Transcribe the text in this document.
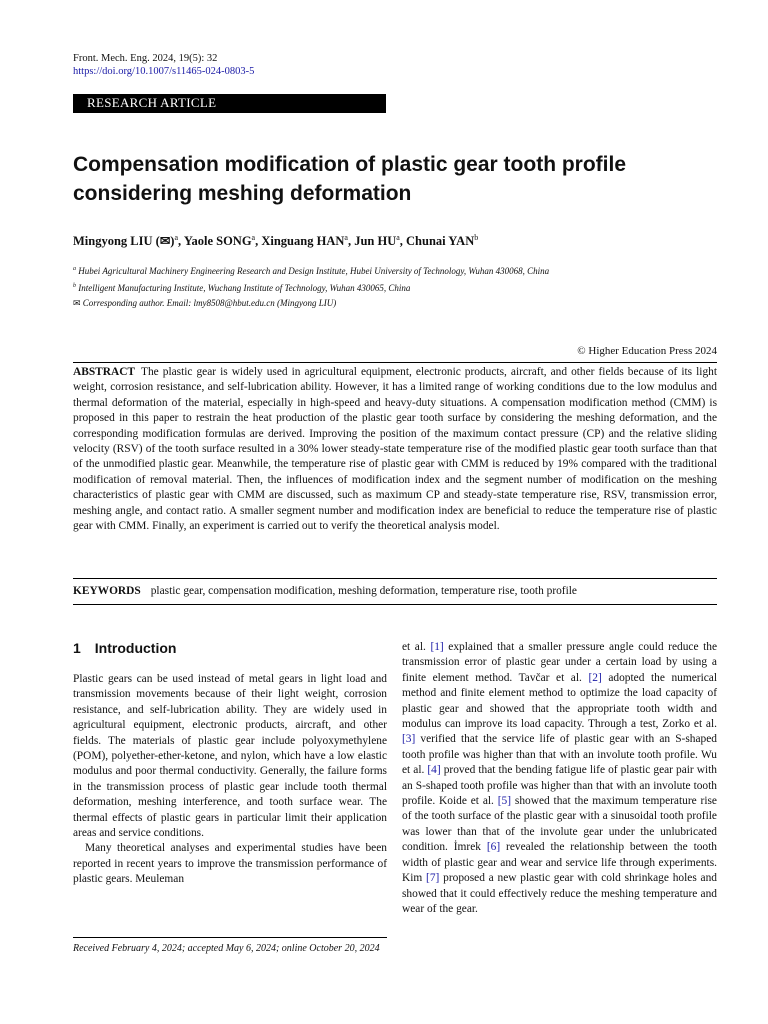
Front. Mech. Eng. 2024, 19(5): 32
https://doi.org/10.1007/s11465-024-0803-5
RESEARCH ARTICLE
Compensation modification of plastic gear tooth profile considering meshing deformation
Mingyong LIU (✉)$^a$, Yaole SONG$^a$, Xinguang HAN$^a$, Jun $HU^a$, Chunai YAN$^b$
$^a$ Hubei Agricultural Machinery Engineering Research and Design Institute, Hubei University of Technology, Wuhan 430068, China
$^b$ Intelligent Manufacturing Institute, Wuchang Institute of Technology, Wuhan 430065, China
✉ Corresponding author. Email: lmy8508@hbut.edu.cn (Mingyong LIU)
© Higher Education Press 2024
ABSTRACT The plastic gear is widely used in agricultural equipment, electronic products, aircraft, and other fields because of its light weight, corrosion resistance, and self-lubrication ability. However, it has a limited range of working conditions due to the low modulus and thermal deformation of the material, especially in high-speed and heavy-duty situations. A compensation modification method (CMM) is proposed in this paper to restrain the heat production of the plastic gear tooth surface by considering the meshing deformation, and the corresponding modification formulas are derived. Improving the position of the maximum contact pressure (CP) and the relative sliding velocity (RSV) of the tooth surface resulted in a 30% lower steady-state temperature rise of the modified plastic gear tooth surface than that of the unmodified plastic gear. Meanwhile, the temperature rise of plastic gear with CMM is reduced by 19% compared with the traditional modification of removal material. Then, the influences of modification index and the segment number of modification on the meshing characteristics of plastic gear with CMM are discussed, such as maximum CP and steady-state temperature rise, RSV, transmission error, meshing angle, and contact ratio. A smaller segment number and modification index are beneficial to reduce the temperature rise of plastic gear with CMM. Finally, an experiment is carried out to verify the theoretical analysis model.
KEYWORDS plastic gear, compensation modification, meshing deformation, temperature rise, tooth profile
1 Introduction

Plastic gears can be used instead of metal gears in light load and transmission movements because of their light weight, corrosion resistance, and self-lubrication ability. They are widely used in agricultural equipment, electronic products, aircraft, and other fields. The materials of plastic gear include polyoxymethylene (POM), polyether-ether-ketone, and nylon, which have a low elastic modulus and poor thermal conductivity. Generally, the failure forms in the transmission process of plastic gear include tooth thermal deformation, meshing interference, and tooth surface wear. The thermal effects of plastic gears in particular limit their application areas and service conditions.

Many theoretical analyses and experimental studies have been reported in recent years to improve the transmission performance of plastic gears. Meuleman

et al. [1] explained that a smaller pressure angle could reduce the transmission error of plastic gear under a certain load by using a finite element method. Tavčar et al. [2] adopted the numerical method and finite element method to optimize the load capacity of plastic gear and showed that the appropriate tooth width and modulus can improve its load capacity. Through a test, Zorko et al. [3] verified that the service life of plastic gear with an S-shaped tooth profile was higher than that with an involute tooth profile. Wu et al. [4] proved that the bending fatigue life of plastic gear pair with an S-shaped tooth profile was higher than that with an involute tooth profile. Koide et al. [5] showed that the maximum temperature rise of the tooth surface of the plastic gear with a sinusoidal tooth profile was lower than that of the involute gear under the unlubricated condition. İmrek [6] revealed the relationship between the tooth width of plastic gear and wear and service life through experiments. Kim [7] proposed a new plastic gear with cold shrinkage holes and showed that it could effectively reduce the meshing temperature and wear of the gear.

Received February 4, 2024; accepted May 6, 2024; online October 20, 2024
